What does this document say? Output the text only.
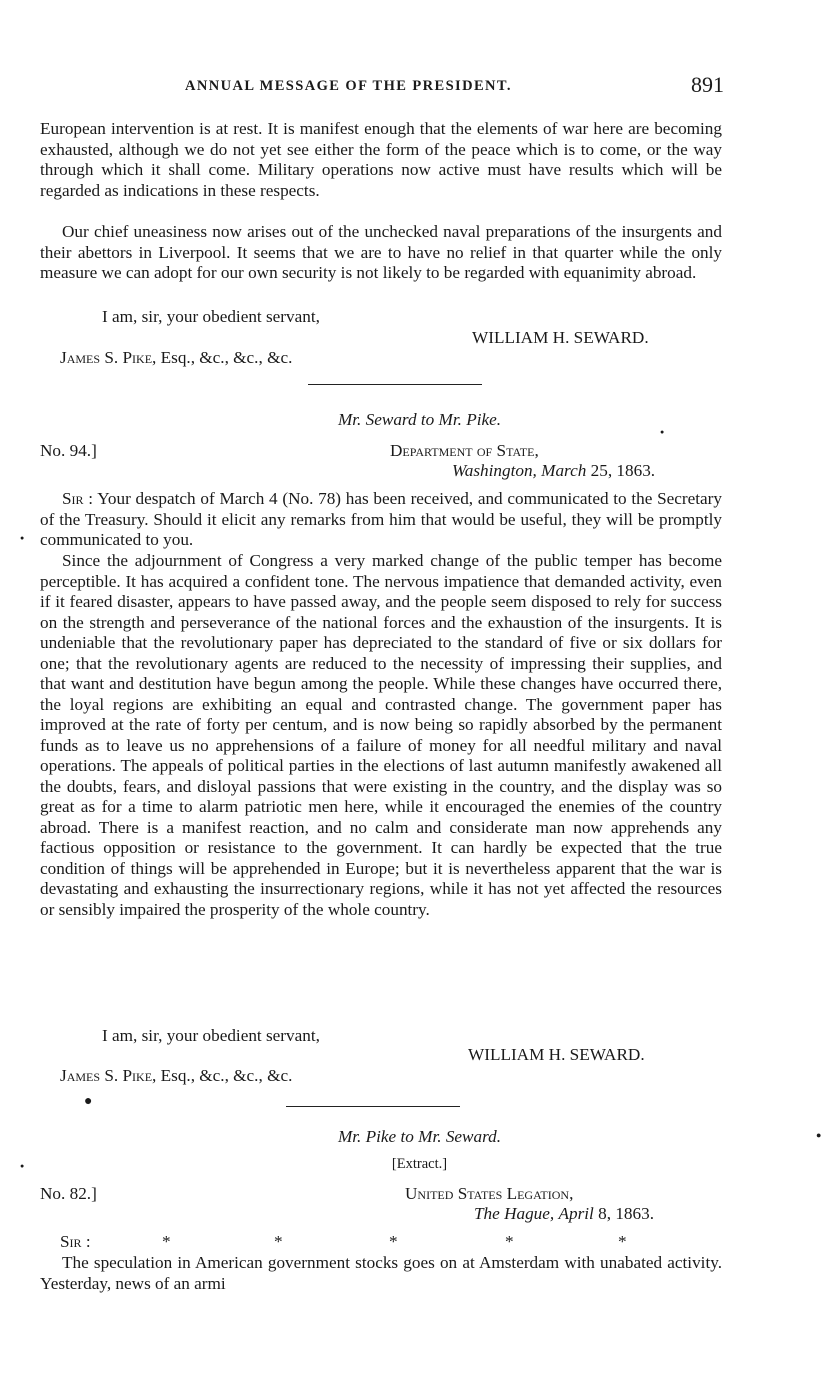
ANNUAL MESSAGE OF THE PRESIDENT.	891

European intervention is at rest. It is manifest enough that the elements of war here are becoming exhausted, although we do not yet see either the form of the peace which is to come, or the way through which it shall come. Military operations now active must have results which will be regarded as indications in these respects.

Our chief uneasiness now arises out of the unchecked naval preparations of the insurgents and their abettors in Liverpool. It seems that we are to have no relief in that quarter while the only measure we can adopt for our own security is not likely to be regarded with equanimity abroad.

I am, sir, your obedient servant,
WILLIAM H. SEWARD.
James S. Pike, Esq., &c., &c., &c.
Mr. Seward to Mr. Pike.
No. 94.]	Department of State,
Washington, March 25, 1863.

Sir : Your despatch of March 4 (No. 78) has been received, and communicated to the Secretary of the Treasury. Should it elicit any remarks from him that would be useful, they will be promptly communicated to you.

Since the adjournment of Congress a very marked change of the public temper has become perceptible. It has acquired a confident tone. The nervous impatience that demanded activity, even if it feared disaster, appears to have passed away, and the people seem disposed to rely for success on the strength and perseverance of the national forces and the exhaustion of the insurgents. It is undeniable that the revolutionary paper has depreciated to the standard of five or six dollars for one; that the revolutionary agents are reduced to the necessity of impressing their supplies, and that want and destitution have begun among the people. While these changes have occurred there, the loyal regions are exhibiting an equal and contrasted change. The government paper has improved at the rate of forty per centum, and is now being so rapidly absorbed by the permanent funds as to leave us no apprehensions of a failure of money for all needful military and naval operations. The appeals of political parties in the elections of last autumn manifestly awakened all the doubts, fears, and disloyal passions that were existing in the country, and the display was so great as for a time to alarm patriotic men here, while it encouraged the enemies of the country abroad. There is a manifest reaction, and no calm and considerate man now apprehends any factious opposition or resistance to the government. It can hardly be expected that the true condition of things will be apprehended in Europe; but it is nevertheless apparent that the war is devastating and exhausting the insurrectionary regions, while it has not yet affected the resources or sensibly impaired the prosperity of the whole country.

I am, sir, your obedient servant,
WILLIAM H. SEWARD.
James S. Pike, Esq., &c., &c., &c.
Mr. Pike to Mr. Seward.
[Extract.]
No. 82.]	United States Legation,
The Hague, April 8, 1863.
Sir :	*	*	*	*	*

The speculation in American government stocks goes on at Amsterdam with unabated activity. Yesterday, news of an armi

●
●
●
●
●
